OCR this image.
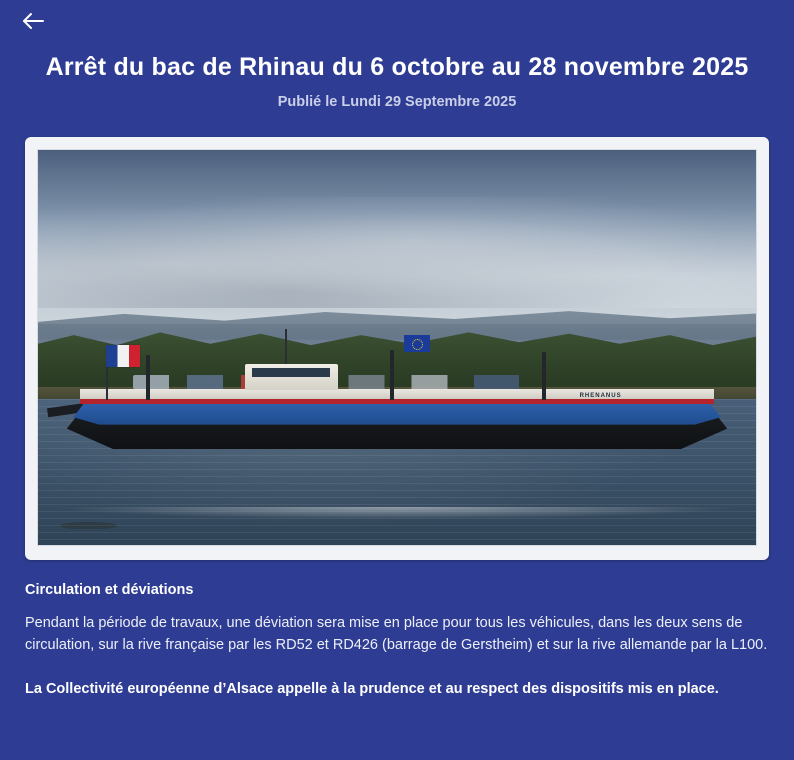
Arrêt du bac de Rhinau du 6 octobre au 28 novembre 2025
Publié le Lundi 29 Septembre 2025
RHENANUS
Circulation et déviations

Pendant la période de travaux, une déviation sera mise en place pour tous les véhicules, dans les deux sens de circulation, sur la rive française par les RD52 et RD426 (barrage de Gerstheim) et sur la rive allemande par la L100.

La Collectivité européenne d’Alsace appelle à la prudence et au respect des dispositifs mis en place.
